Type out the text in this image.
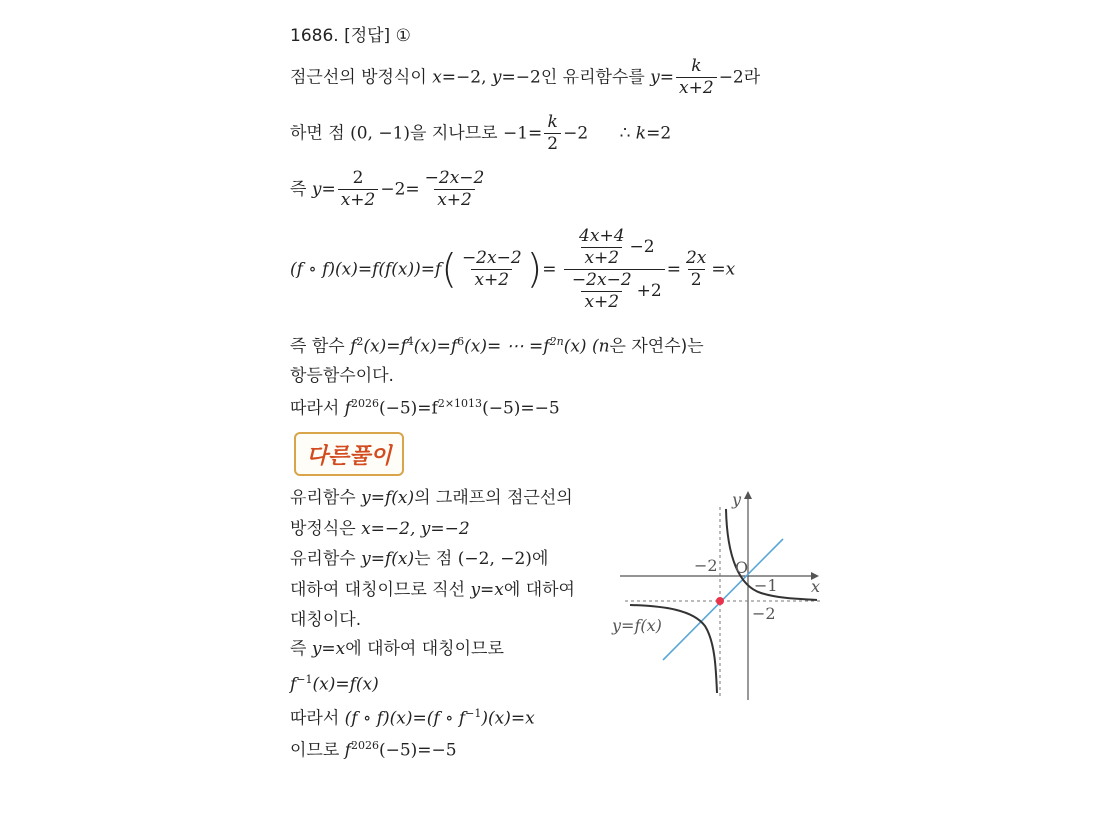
1686. [정답] ①
점근선의 방정식이 x=−2, y=−2인 유리함수를 $y= \frac{k}{x+2} -2$라
하면 점 (0, −1)을 지나므로 $-1= \frac{k}{2} -2$ ∴ k=2
즉 $y= \frac{2}{x+2} -2= \frac{-2x-2}{x+2}$
(f ∘ $f)(x)=f(f(x))=f( \frac{-2x-2}{x+2}$ )= $\frac{\frac{4x+4}{x+2} -2}{\frac{-2x-2}{x+2} +2} = \frac{2x}{2} =x$
즉 함수 $f^2(x)=f^4(x)=f^6(x)=$ ⋯ $=f^{2n}(x)$ (n은 자연수)는
항등함수이다.
따라서 $f^{2026}(-5)=f^{2\times 1013}(-5)=-5$
다른풀이
유리함수 y=f(x)의 그래프의 점근선의
방정식은 x=−2, y=−2
유리함수 y=f(x)는 점 (−2, −2)에
대하여 대칭이므로 직선 y=x에 대하여
대칭이다.
즉 y=x에 대하여 대칭이므로
$f^{-1}(x)=f(x)$
따라서 (f ∘ f)(x)=(f ∘ $f^{-1})(x)=x$
이므로 $f^{2026}(-5)=-5$
y
x
O
−2
−1
−2
y=f(x)
